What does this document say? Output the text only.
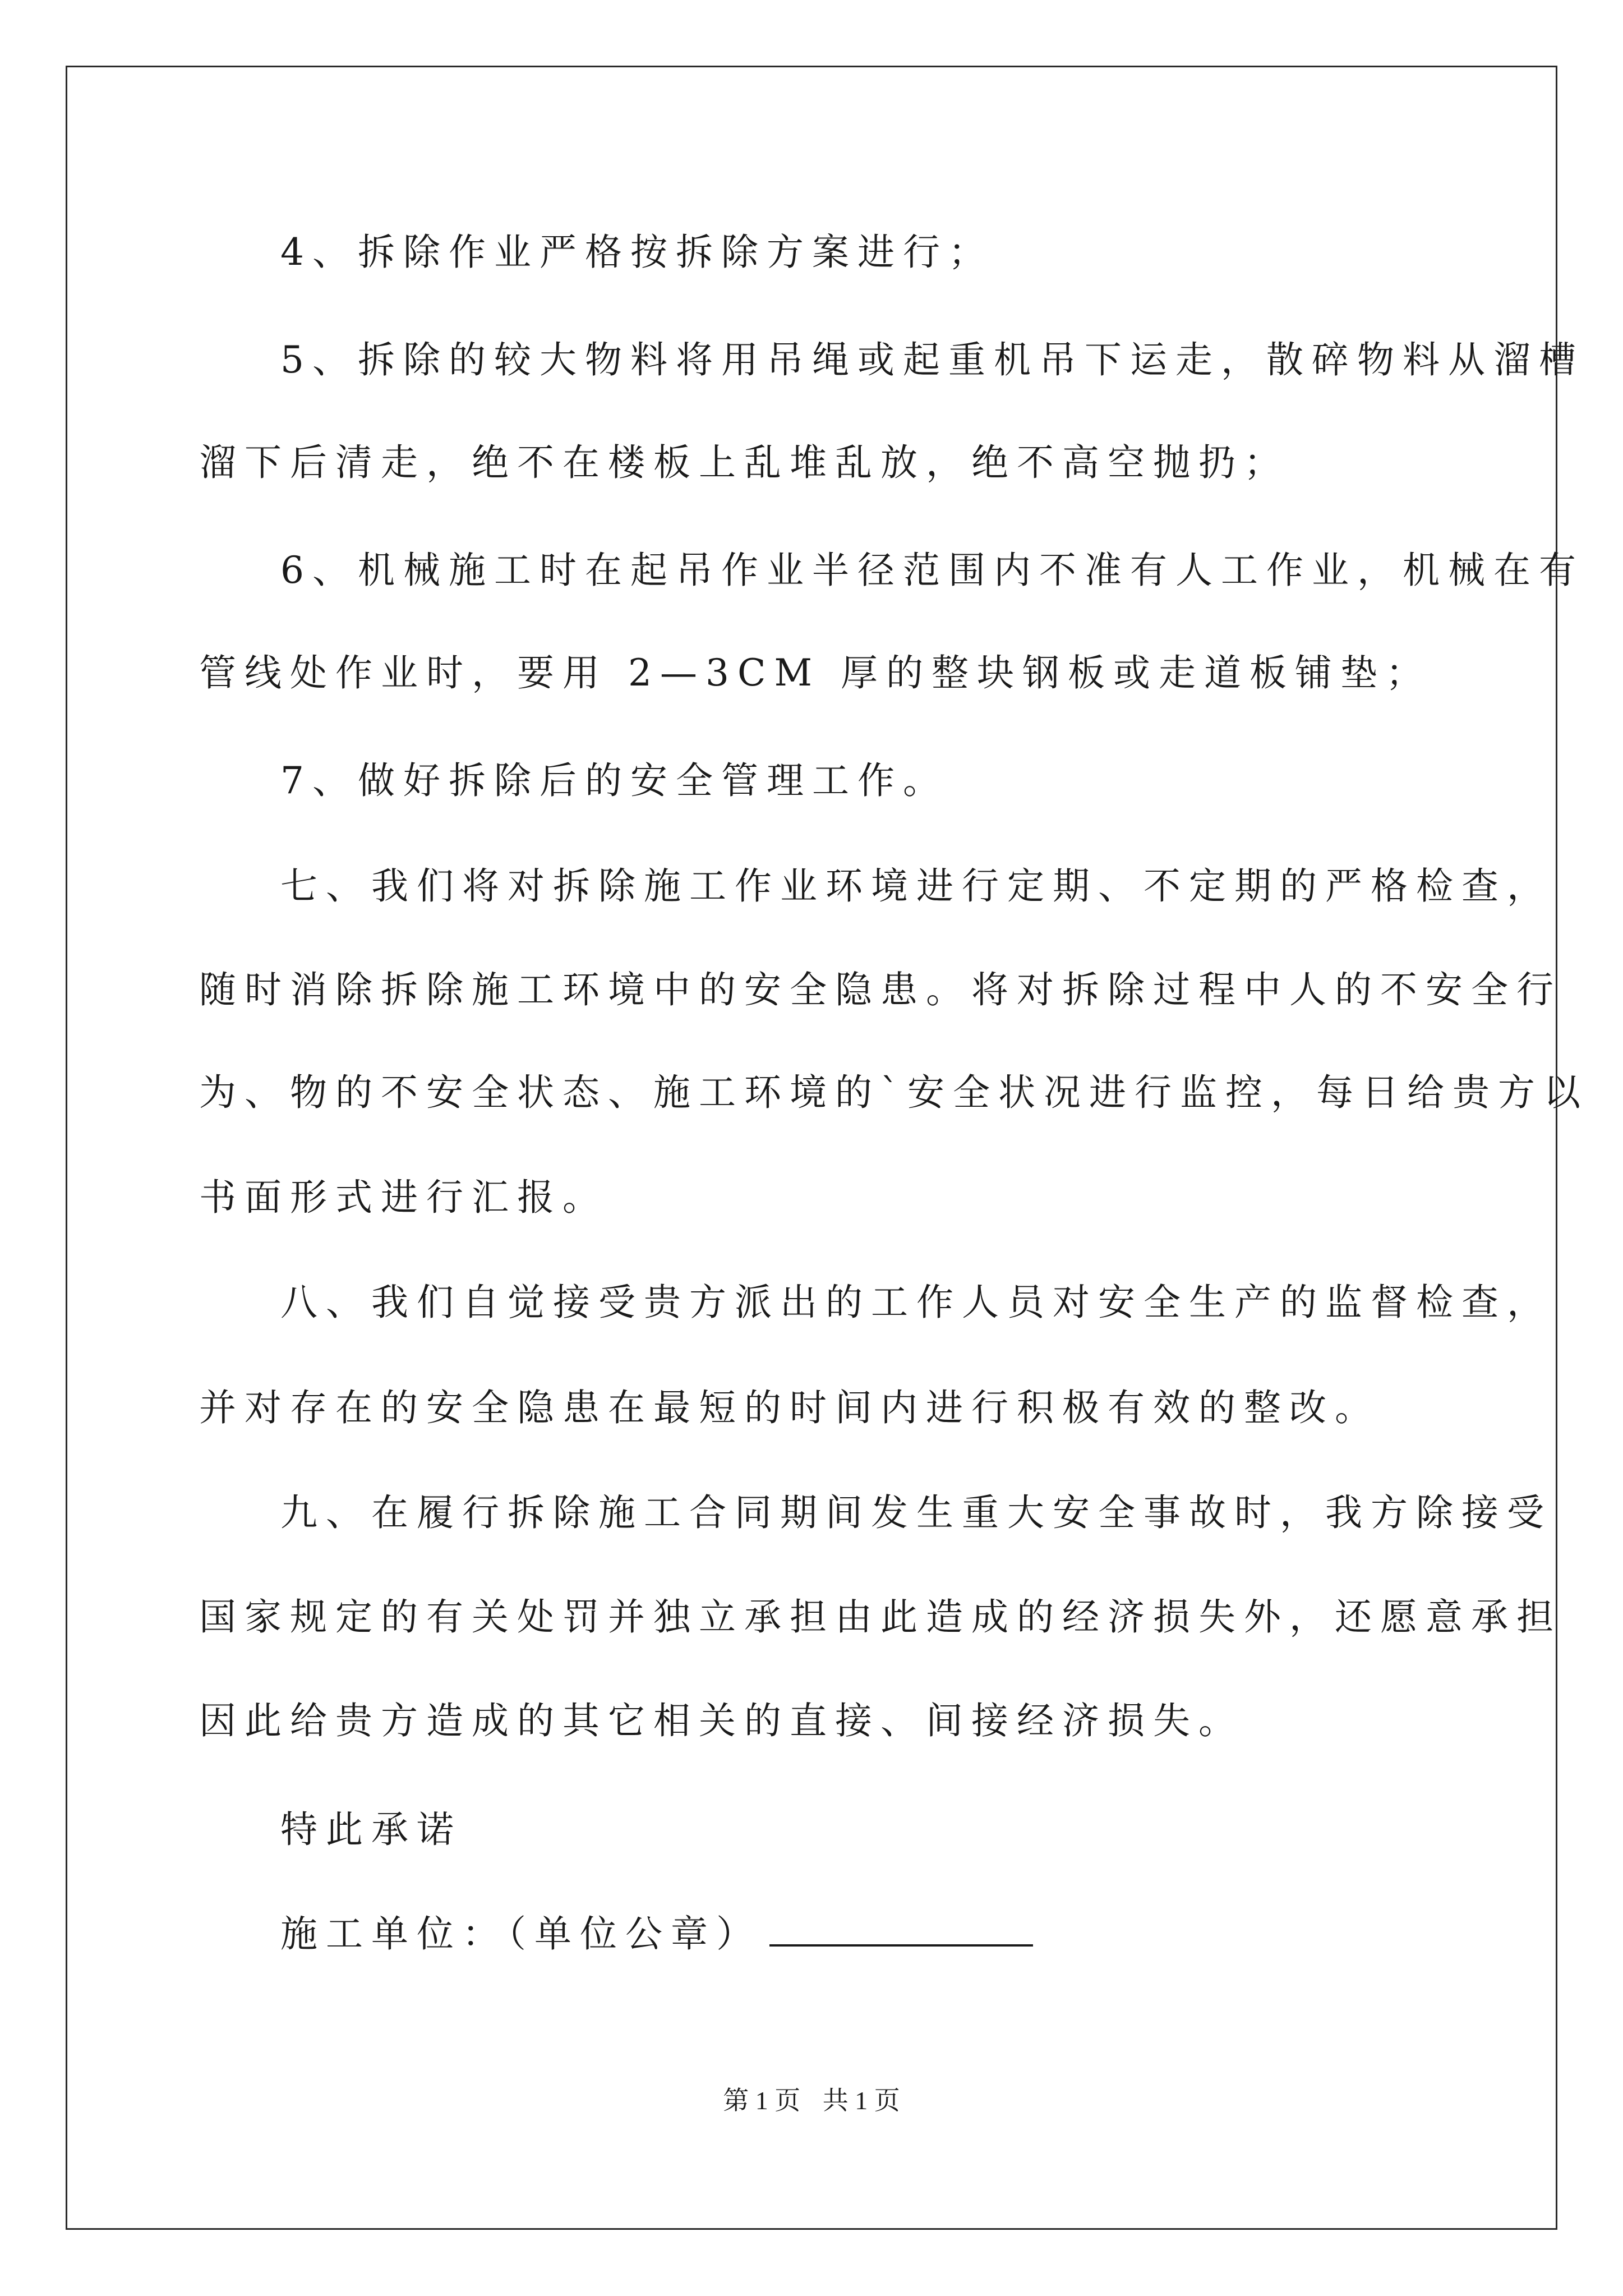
4、拆除作业严格按拆除方案进行；
5、拆除的较大物料将用吊绳或起重机吊下运走，散碎物料从溜槽
溜下后清走，绝不在楼板上乱堆乱放，绝不高空抛扔；
6、机械施工时在起吊作业半径范围内不准有人工作业，机械在有
管线处作业时，要用 2—3CM 厚的整块钢板或走道板铺垫；
7、做好拆除后的安全管理工作。
七、我们将对拆除施工作业环境进行定期、不定期的严格检查，
随时消除拆除施工环境中的安全隐患。将对拆除过程中人的不安全行
为、物的不安全状态、施工环境的`安全状况进行监控，每日给贵方以
书面形式进行汇报。
八、我们自觉接受贵方派出的工作人员对安全生产的监督检查，
并对存在的安全隐患在最短的时间内进行积极有效的整改。
九、在履行拆除施工合同期间发生重大安全事故时，我方除接受
国家规定的有关处罚并独立承担由此造成的经济损失外，还愿意承担
因此给贵方造成的其它相关的直接、间接经济损失。
特此承诺
施工单位：（单位公章）
第 1 页 共 1 页
